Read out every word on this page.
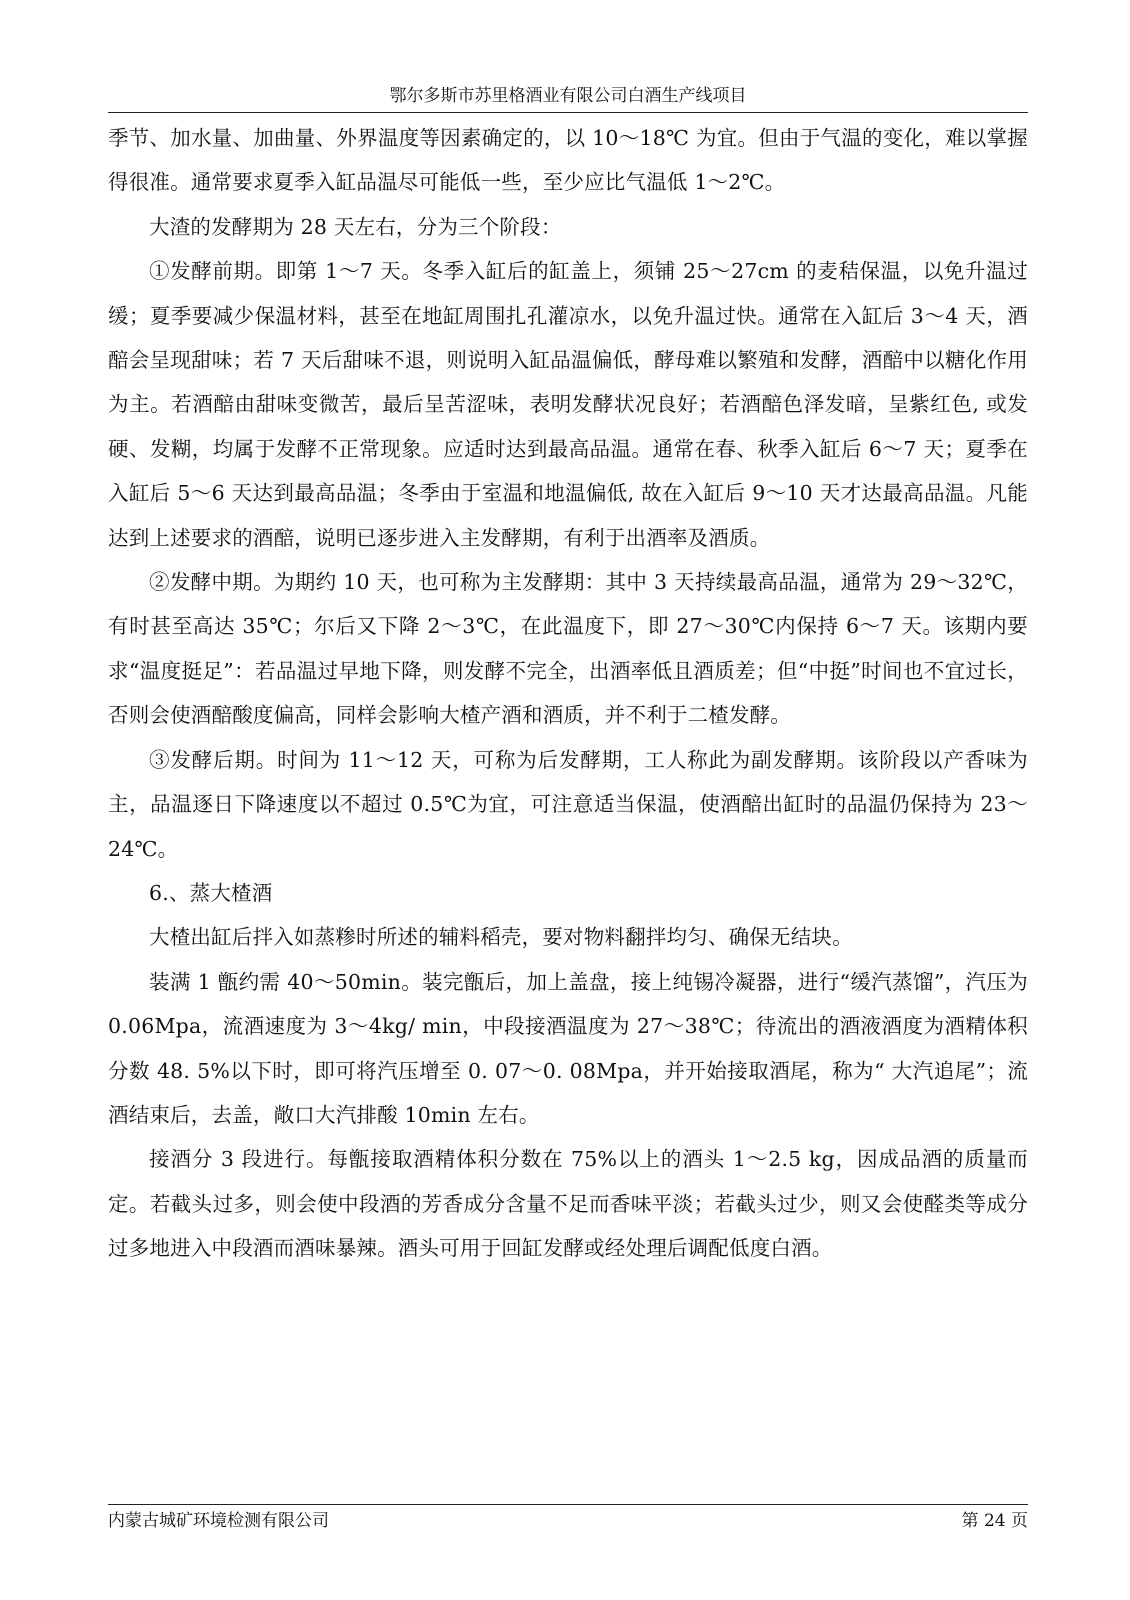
鄂尔多斯市苏里格酒业有限公司白酒生产线项目

季节、加水量、加曲量、外界温度等因素确定的，以 10～18℃ 为宜。但由于气温的变化，难以掌握得很准。通常要求夏季入缸品温尽可能低一些，至少应比气温低 1～2℃。

大渣的发酵期为 28 天左右，分为三个阶段：

①发酵前期。即第 1～7 天。冬季入缸后的缸盖上，须铺 25～27cm 的麦秸保温，以免升温过缓；夏季要减少保温材料，甚至在地缸周围扎孔灌凉水，以免升温过快。通常在入缸后 3～4 天，酒醅会呈现甜味；若 7 天后甜味不退，则说明入缸品温偏低，酵母难以繁殖和发酵，酒醅中以糖化作用为主。若酒醅由甜味变微苦，最后呈苦涩味，表明发酵状况良好；若酒醅色泽发暗，呈紫红色, 或发硬、发糊，均属于发酵不正常现象。应适时达到最高品温。通常在春、秋季入缸后 6～7 天；夏季在入缸后 5～6 天达到最高品温；冬季由于室温和地温偏低, 故在入缸后 9～10 天才达最高品温。凡能达到上述要求的酒醅，说明已逐步进入主发酵期，有利于出酒率及酒质。

②发酵中期。为期约 10 天，也可称为主发酵期：其中 3 天持续最高品温，通常为 29～32℃，有时甚至高达 35℃；尔后又下降 2～3℃，在此温度下，即 27～30℃内保持 6～7 天。该期内要求“温度挺足”：若品温过早地下降，则发酵不完全，出酒率低且酒质差；但“中挺”时间也不宜过长，否则会使酒醅酸度偏高，同样会影响大楂产酒和酒质，并不利于二楂发酵。

③发酵后期。时间为 11～12 天，可称为后发酵期，工人称此为副发酵期。该阶段以产香味为主，品温逐日下降速度以不超过 0.5℃为宜，可注意适当保温，使酒醅出缸时的品温仍保持为 23～24℃。

6.、蒸大楂酒

大楂出缸后拌入如蒸糁时所述的辅料稻壳，要对物料翻拌均匀、确保无结块。

装满 1 甑约需 40～50min。装完甑后，加上盖盘，接上纯锡冷凝器，进行“缓汽蒸馏”，汽压为 0.06Mpa，流酒速度为 3～4kg/ min，中段接酒温度为 27～38℃；待流出的酒液酒度为酒精体积分数 48. 5%以下时，即可将汽压增至 0. 07～0. 08Mpa，并开始接取酒尾，称为“ 大汽追尾”；流酒结束后，去盖，敞口大汽排酸 10min 左右。

接酒分 3 段进行。每甑接取酒精体积分数在 75%以上的酒头 1～2.5 kg，因成品酒的质量而定。若截头过多，则会使中段酒的芳香成分含量不足而香味平淡；若截头过少，则又会使醛类等成分过多地进入中段酒而酒味暴辣。酒头可用于回缸发酵或经处理后调配低度白酒。

内蒙古城矿环境检测有限公司	第 24 页
